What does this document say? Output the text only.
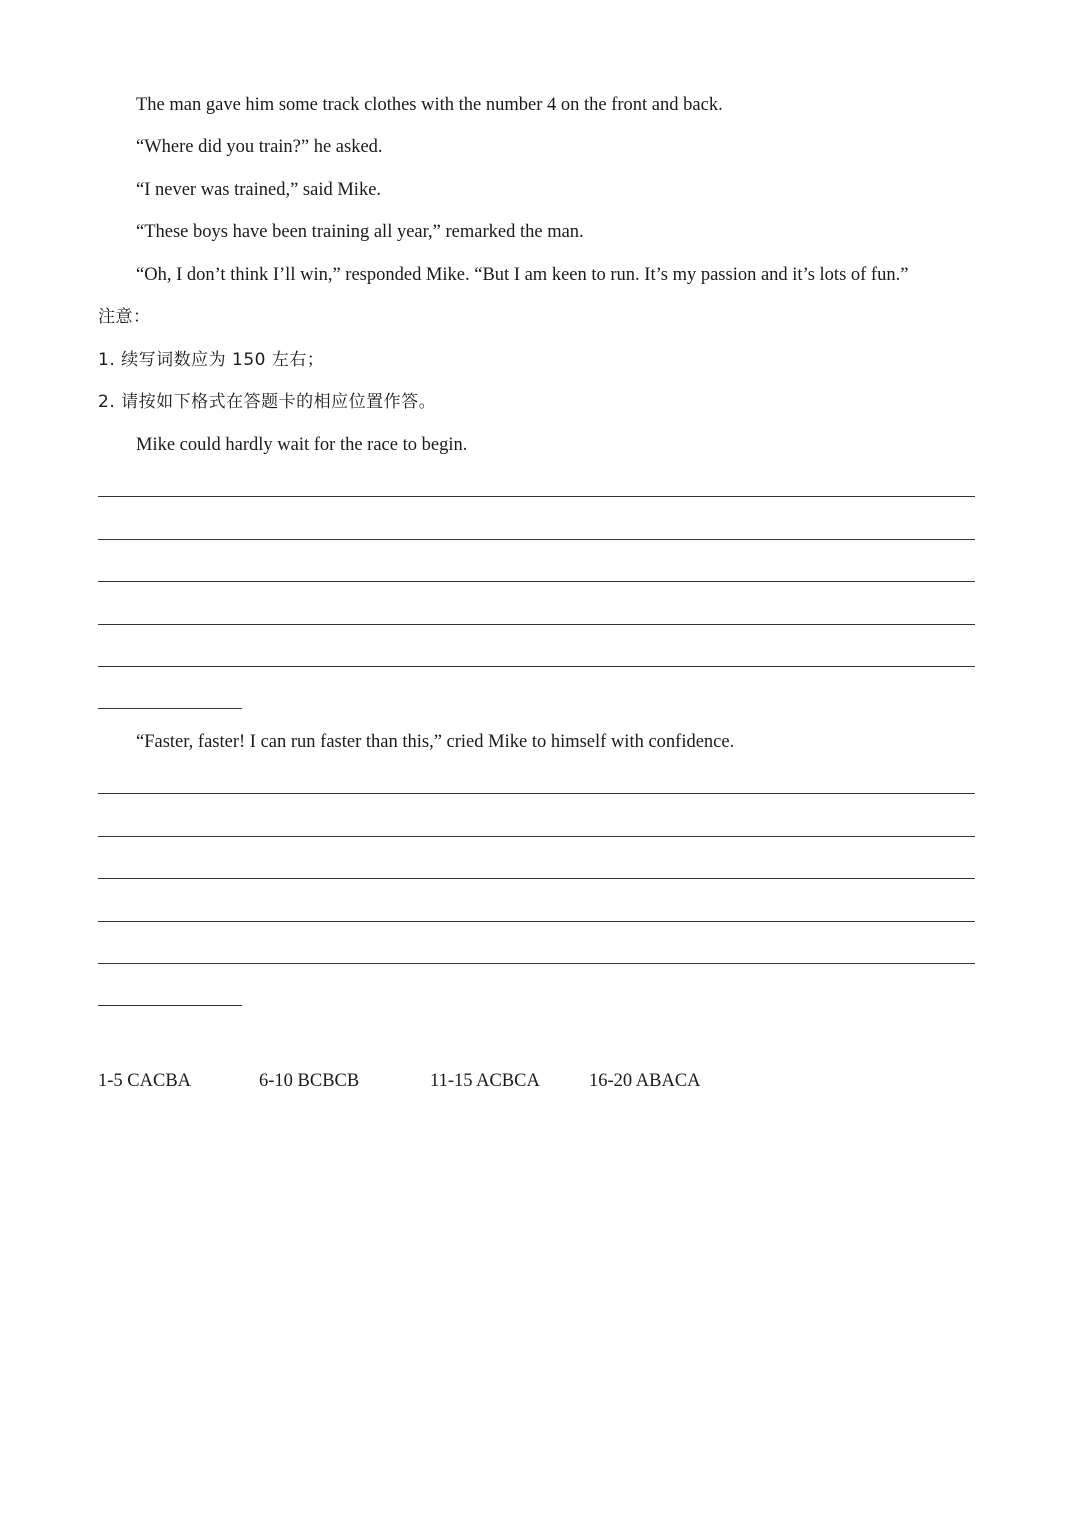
The man gave him some track clothes with the number 4 on the front and back.
“Where did you train?” he asked.
“I never was trained,” said Mike.
“These boys have been training all year,” remarked the man.
“Oh, I don’t think I’ll win,” responded Mike. “But I am keen to run. It’s my passion and it’s lots of fun.”
注意：
1. 续写词数应为 150 左右；
2. 请按如下格式在答题卡的相应位置作答。
Mike could hardly wait for the race to begin.
“Faster, faster! I can run faster than this,” cried Mike to himself with confidence.
1-5 CACBA	6-10 BCBCB	11-15 ACBCA	16-20 ABACA
